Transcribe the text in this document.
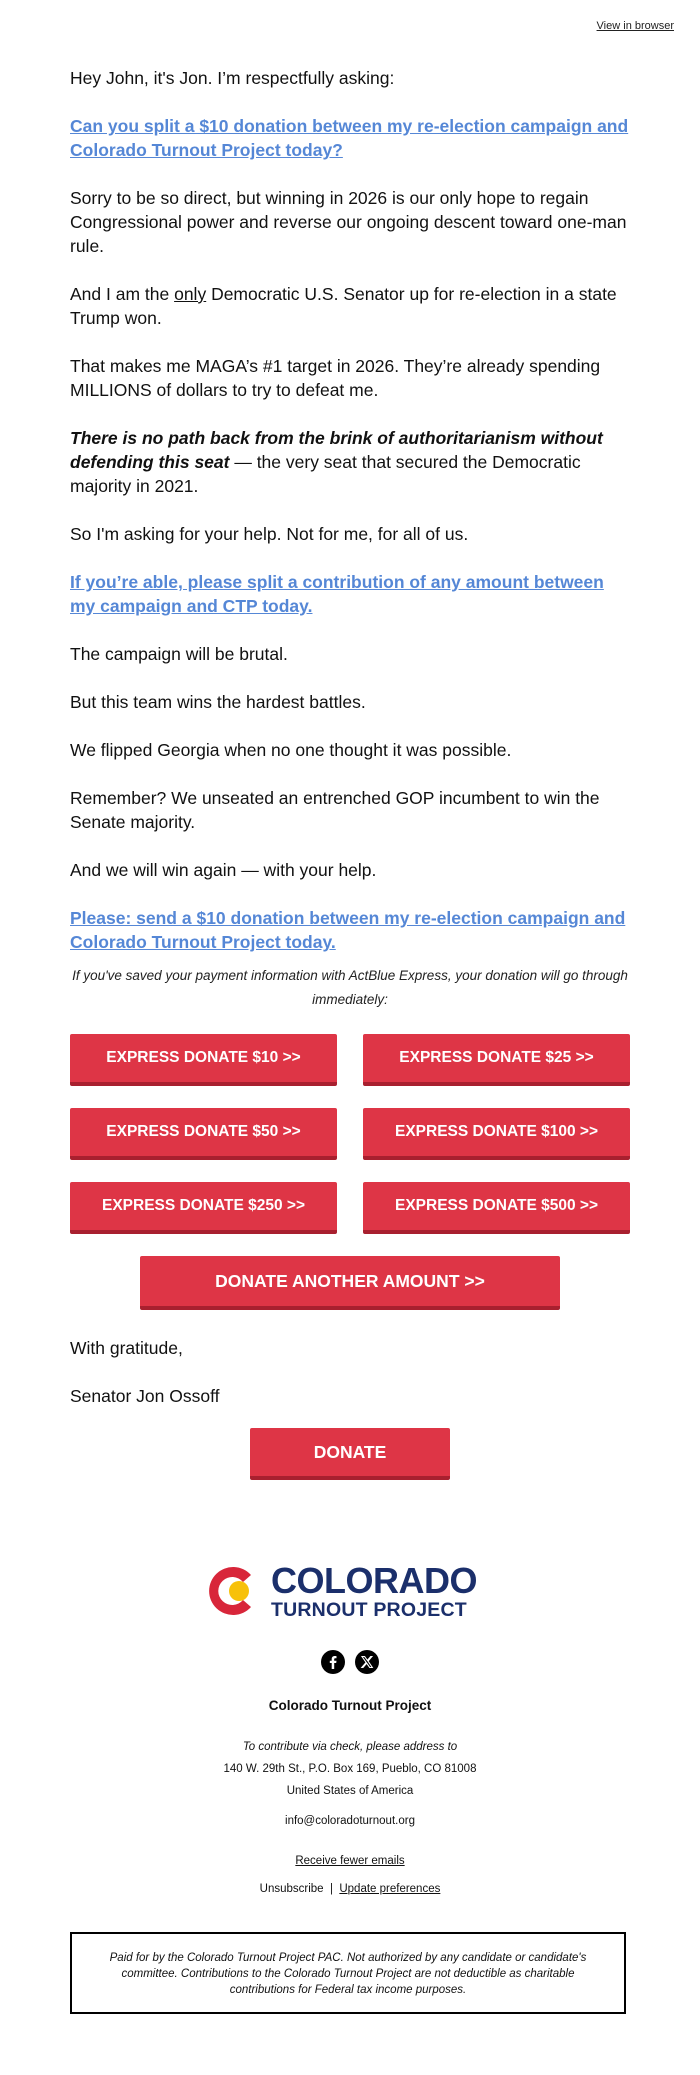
View in browser

Hey John, it's Jon. I’m respectfully asking:

Can you split a $10 donation between my re-election campaign and Colorado Turnout Project today?

Sorry to be so direct, but winning in 2026 is our only hope to regain Congressional power and reverse our ongoing descent toward one-man rule.

And I am the only Democratic U.S. Senator up for re-election in a state Trump won.

That makes me MAGA’s #1 target in 2026. They’re already spending MILLIONS of dollars to try to defeat me.

There is no path back from the brink of authoritarianism without defending this seat — the very seat that secured the Democratic majority in 2021.

So I'm asking for your help. Not for me, for all of us.

If you’re able, please split a contribution of any amount between my campaign and CTP today.

The campaign will be brutal.

But this team wins the hardest battles.

We flipped Georgia when no one thought it was possible.

Remember? We unseated an entrenched GOP incumbent to win the Senate majority.

And we will win again — with your help.

Please: send a $10 donation between my re-election campaign and Colorado Turnout Project today.

If you've saved your payment information with ActBlue Express, your donation will go through immediately:

EXPRESS DONATE $10 >>	EXPRESS DONATE $25 >>
EXPRESS DONATE $50 >>	EXPRESS DONATE $100 >>
EXPRESS DONATE $250 >>	EXPRESS DONATE $500 >>
DONATE ANOTHER AMOUNT >>

With gratitude,

Senator Jon Ossoff

DONATE
COLORADO
TURNOUT PROJECT

Colorado Turnout Project
To contribute via check, please address to
140 W. 29th St., P.O. Box 169, Pueblo, CO 81008
United States of America
info@coloradoturnout.org
Receive fewer emails
Unsubscribe | Update preferences
Paid for by the Colorado Turnout Project PAC. Not authorized by any candidate or candidate's committee. Contributions to the Colorado Turnout Project are not deductible as charitable contributions for Federal tax income purposes.
